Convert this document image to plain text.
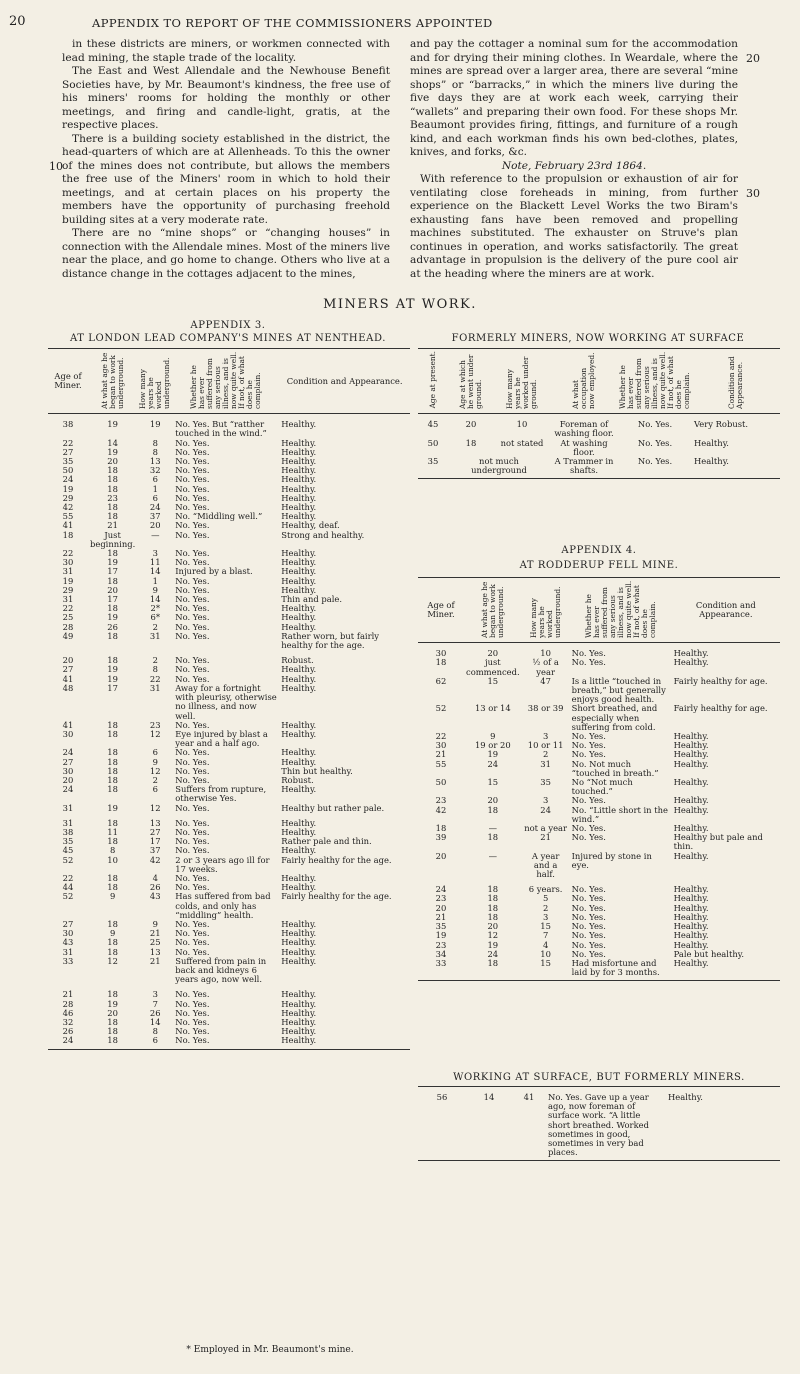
20	APPENDIX TO REPORT OF THE COMMISSIONERS APPOINTED

in these districts are miners, or workmen connected with lead mining, the staple trade of the locality.

The East and West Allendale and the Newhouse Benefit Societies have, by Mr. Beaumont's kindness, the free use of his miners' rooms for holding the monthly or other meetings, and firing and candle-light, gratis, at the respective places.

There is a building society established in the district, the head-quarters of which are at Allenheads. To this the owner of the mines does not contribute, but allows the members the free use of the Miners' room in which to hold their meetings, and at certain places on his property the members have the opportunity of purchasing freehold building sites at a very moderate rate.

There are no “mine shops” or “changing houses” in connection with the Allendale mines. Most of the miners live near the place, and go home to change. Others who live at a distance change in the cottages adjacent to the mines,

10

and pay the cottager a nominal sum for the accommodation and for drying their mining clothes. In Weardale, where the mines are spread over a larger area, there are several “mine shops” or “barracks,” in which the miners live during the five days they are at work each week, carrying their “wallets” and preparing their own food. For these shops Mr. Beaumont provides firing, fittings, and furniture of a rough kind, and each workman finds his own bed-clothes, plates, knives, and forks, &c.

Note, February 23rd 1864.

With reference to the propulsion or exhaustion of air for ventilating close foreheads in mining, from further experience on the Blackett Level Works the two Biram's exhausting fans have been removed and propelling machines substituted. The exhauster on Struve's plan continues in operation, and works satisfactorily. The great advantage in propulsion is the delivery of the pure cool air at the heading where the miners are at work.

20
30
MINERS AT WORK.
APPENDIX 3.
AT LONDON LEAD COMPANY'S MINES AT NENTHEAD.
Age of Miner.	At what age he began to work underground.	How many years he worked underground.	Whether he has ever suffered from any serious illness, and is now quite well. If not, of what does he complain.	Condition and Appearance.
38	19	19	No. Yes. But “ratther touched in the wind.”	Healthy.
22	14	8	No. Yes.	Healthy.
27	19	8	No. Yes.	Healthy.
35	20	13	No. Yes.	Healthy.
50	18	32	No. Yes.	Healthy.
24	18	6	No. Yes.	Healthy.
19	18	1	No. Yes.	Healthy.
29	23	6	No. Yes.	Healthy.
42	18	24	No. Yes.	Healthy.
55	18	37	No. “Middling well.”	Healthy.
41	21	20	No. Yes.	Healthy, deaf.
18	Just beginning.	—	No. Yes.	Strong and healthy.
22	18	3	No. Yes.	Healthy.
30	19	11	No. Yes.	Healthy.
31	17	14	Injured by a blast.	Healthy.
19	18	1	No. Yes.	Healthy.
29	20	9	No. Yes.	Healthy.
31	17	14	No. Yes.	Thin and pale.
22	18	2*	No. Yes.	Healthy.
25	19	6*	No. Yes.	Healthy.
28	26	2	No. Yes.	Healthy.
49	18	31	No. Yes.	Rather worn, but fairly healthy for the age.
20	18	2	No. Yes.	Robust.
27	19	8	No. Yes.	Healthy.
41	19	22	No. Yes.	Healthy.
48	17	31	Away for a fortnight with pleurisy, otherwise no illness, and now well.	Healthy.
41	18	23	No. Yes.	Healthy.
30	18	12	Eye injured by blast a year and a half ago.	Healthy.
24	18	6	No. Yes.	Healthy.
27	18	9	No. Yes.	Healthy.
30	18	12	No. Yes.	Thin but healthy.
20	18	2	No. Yes.	Robust.
24	18	6	Suffers from rupture, otherwise Yes.	Healthy.
31	19	12	No. Yes.	Healthy but rather pale.
31	18	13	No. Yes.	Healthy.
38	11	27	No. Yes.	Healthy.
35	18	17	No. Yes.	Rather pale and thin.
45	8	37	No. Yes.	Healthy.
52	10	42	2 or 3 years ago ill for 17 weeks.	Fairly healthy for the age.
22	18	4	No. Yes.	Healthy.
44	18	26	No. Yes.	Healthy.
52	9	43	Has suffered from bad colds, and only has “middling” health.	Fairly healthy for the age.
27	18	9	No. Yes.	Healthy.
30	9	21	No. Yes.	Healthy.
43	18	25	No. Yes.	Healthy.
31	18	13	No. Yes.	Healthy.
33	12	21	Suffered from pain in back and kidneys 6 years ago, now well.	Healthy.
21	18	3	No. Yes.	Healthy.
28	19	7	No. Yes.	Healthy.
46	20	26	No. Yes.	Healthy.
32	18	14	No. Yes.	Healthy.
26	18	8	No. Yes.	Healthy.
24	18	6	No. Yes.	Healthy.
* Employed in Mr. Beaumont's mine.
FORMERLY MINERS, NOW WORKING AT SURFACE
Age at present.	Age at which he went under ground.	How many years he worked under ground.	At what occupation now employed.	Whether he has ever suffered from any serious illness, and is now quite well. If not, of what does he complain.	Condition and Appearance.
45	20	10	Foreman of washing floor.	No. Yes.	Very Robust.
50	18	not stated	At washing floor.	No. Yes.	Healthy.
35	not much underground		A Trammer in shafts.	No. Yes.	Healthy.
APPENDIX 4.
AT RODDERUP FELL MINE.
Age of Miner.	At what age he began to work underground.	How many years he worked underground.	Whether he has ever suffered from any serious illness, and is now quite well. If not, of what does he complain.	Condition and Appearance.
30	20	10	No. Yes.	Healthy.
18	just commenced.	½ of a year	No. Yes.	Healthy.
62	15	47	Is a little “touched in breath,” but generally enjoys good health.	Fairly healthy for age.
52	13 or 14	38 or 39	Short breathed, and especially when suffering from cold.	Fairly healthy for age.
22	9	3	No. Yes.	Healthy.
30	19 or 20	10 or 11	No. Yes.	Healthy.
21	19	2	No. Yes.	Healthy.
55	24	31	No. Not much “touched in breath.”	Healthy.
50	15	35	No “Not much touched.”	Healthy.
23	20	3	No. Yes.	Healthy.
42	18	24	No. “Little short in the wind.”	Healthy.
18	—	not a year	No. Yes.	Healthy.
39	18	21	No. Yes.	Healthy but pale and thin.
20	—	A year and a half.	Injured by stone in eye.	Healthy.
24	18	6 years.	No. Yes.	Healthy.
23	18	5	No. Yes.	Healthy.
20	18	2	No. Yes.	Healthy.
21	18	3	No. Yes.	Healthy.
35	20	15	No. Yes.	Healthy.
19	12	7	No. Yes.	Healthy.
23	19	4	No. Yes.	Healthy.
34	24	10	No. Yes.	Pale but healthy.
33	18	15	Had misfortune and laid by for 3 months.	Healthy.
WORKING AT SURFACE, BUT FORMERLY MINERS.
56	14	41	No. Yes. Gave up a year ago, now foreman of surface work. “A little short breathed. Worked sometimes in good, sometimes in very bad places.	Healthy.
